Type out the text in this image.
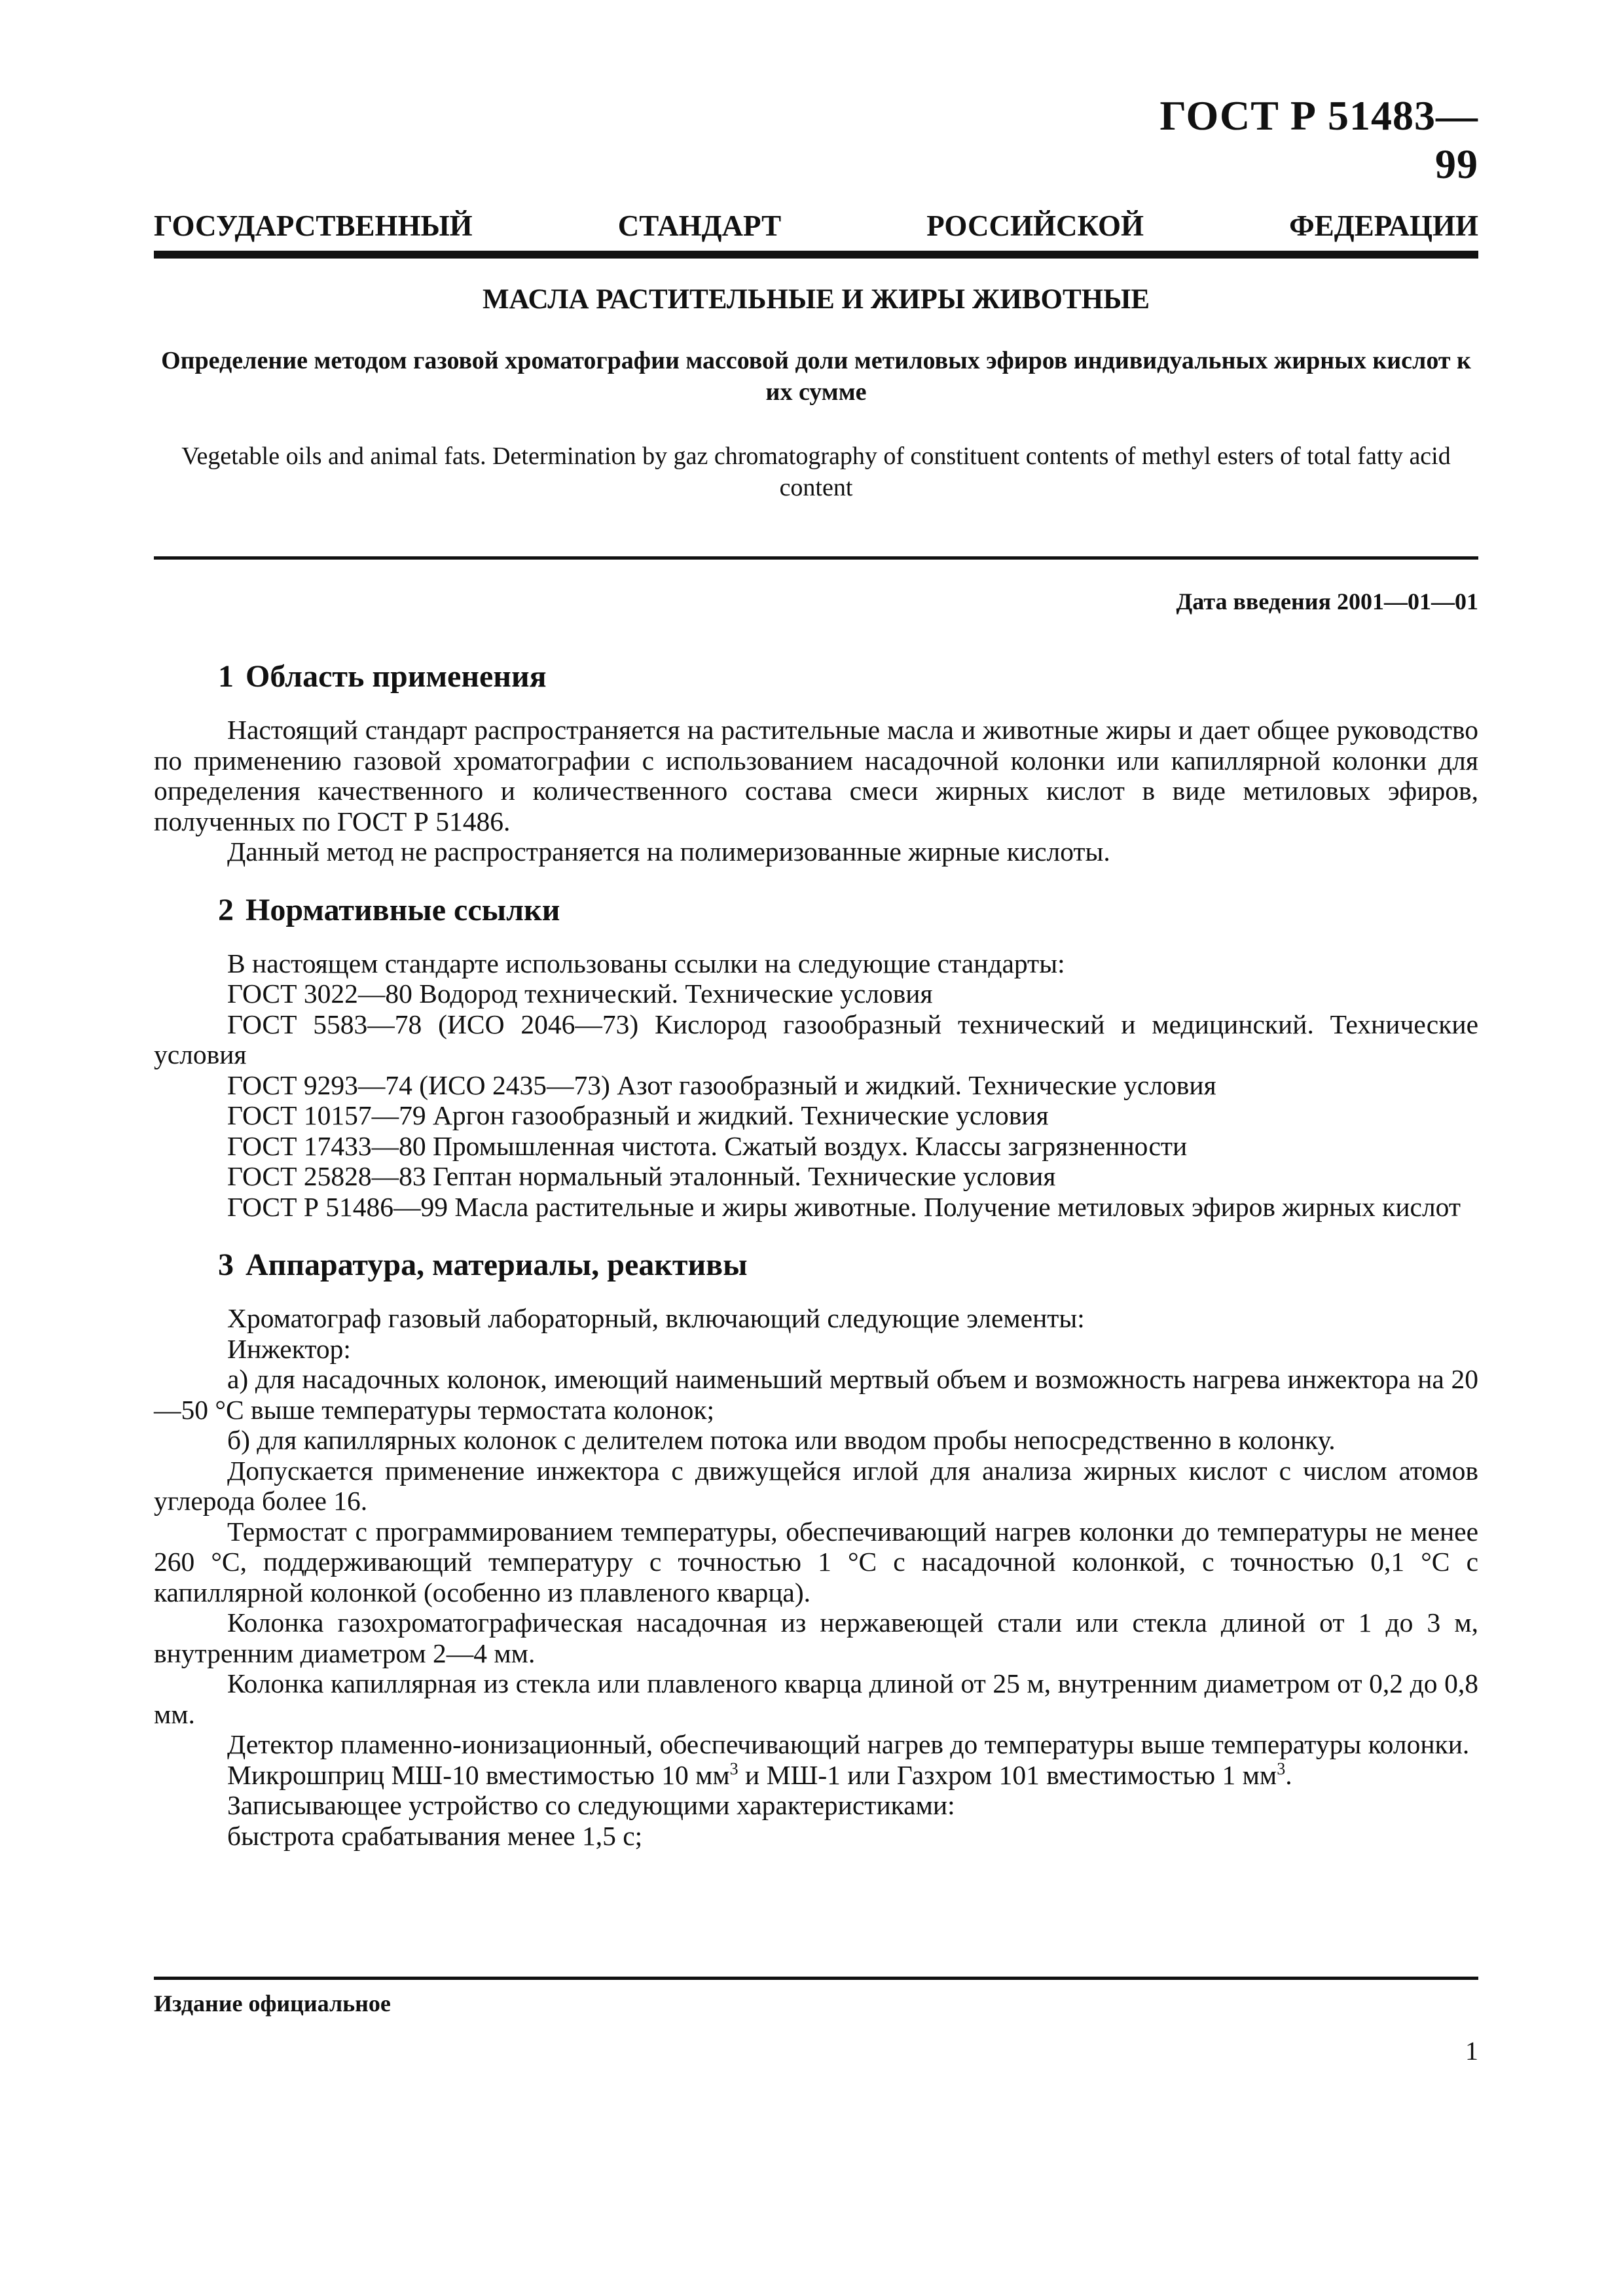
ГОСТ Р 51483—99
ГОСУДАРСТВЕННЫЙ СТАНДАРТ РОССИЙСКОЙ ФЕДЕРАЦИИ
МАСЛА РАСТИТЕЛЬНЫЕ И ЖИРЫ ЖИВОТНЫЕ
Определение методом газовой хроматографии массовой доли метиловых эфиров индивидуальных жирных кислот к их сумме
Vegetable oils and animal fats. Determination by gaz chromatography of constituent contents of methyl esters of total fatty acid content
Дата введения 2001—01—01
1 Область применения

Настоящий стандарт распространяется на растительные масла и животные жиры и дает общее руководство по применению газовой хроматографии с использованием насадочной колонки или капиллярной колонки для определения качественного и количественного состава смеси жирных кислот в виде метиловых эфиров, полученных по ГОСТ Р 51486.

Данный метод не распространяется на полимеризованные жирные кислоты.

2 Нормативные ссылки

В настоящем стандарте использованы ссылки на следующие стандарты:

ГОСТ 3022—80 Водород технический. Технические условия

ГОСТ 5583—78 (ИСО 2046—73) Кислород газообразный технический и медицинский. Технические условия

ГОСТ 9293—74 (ИСО 2435—73) Азот газообразный и жидкий. Технические условия

ГОСТ 10157—79 Аргон газообразный и жидкий. Технические условия

ГОСТ 17433—80 Промышленная чистота. Сжатый воздух. Классы загрязненности

ГОСТ 25828—83 Гептан нормальный эталонный. Технические условия

ГОСТ Р 51486—99 Масла растительные и жиры животные. Получение метиловых эфиров жирных кислот

3 Аппаратура, материалы, реактивы

Хроматограф газовый лабораторный, включающий следующие элементы:

Инжектор:

а) для насадочных колонок, имеющий наименьший мертвый объем и возможность нагрева инжектора на 20—50 °С выше температуры термостата колонок;

б) для капиллярных колонок с делителем потока или вводом пробы непосредственно в колонку.

Допускается применение инжектора с движущейся иглой для анализа жирных кислот с числом атомов углерода более 16.

Термостат с программированием температуры, обеспечивающий нагрев колонки до температуры не менее 260 °С, поддерживающий температуру с точностью 1 °С с насадочной колонкой, с точностью 0,1 °С с капиллярной колонкой (особенно из плавленого кварца).

Колонка газохроматографическая насадочная из нержавеющей стали или стекла длиной от 1 до 3 м, внутренним диаметром 2—4 мм.

Колонка капиллярная из стекла или плавленого кварца длиной от 25 м, внутренним диаметром от 0,2 до 0,8 мм.

Детектор пламенно-ионизационный, обеспечивающий нагрев до температуры выше температуры колонки.

Микрошприц МШ-10 вместимостью 10 $мм^3$ и МШ-1 или Газхром 101 вместимостью 1 $мм^3$.

Записывающее устройство со следующими характеристиками:

быстрота срабатывания менее 1,5 с;

Издание официальное
1
